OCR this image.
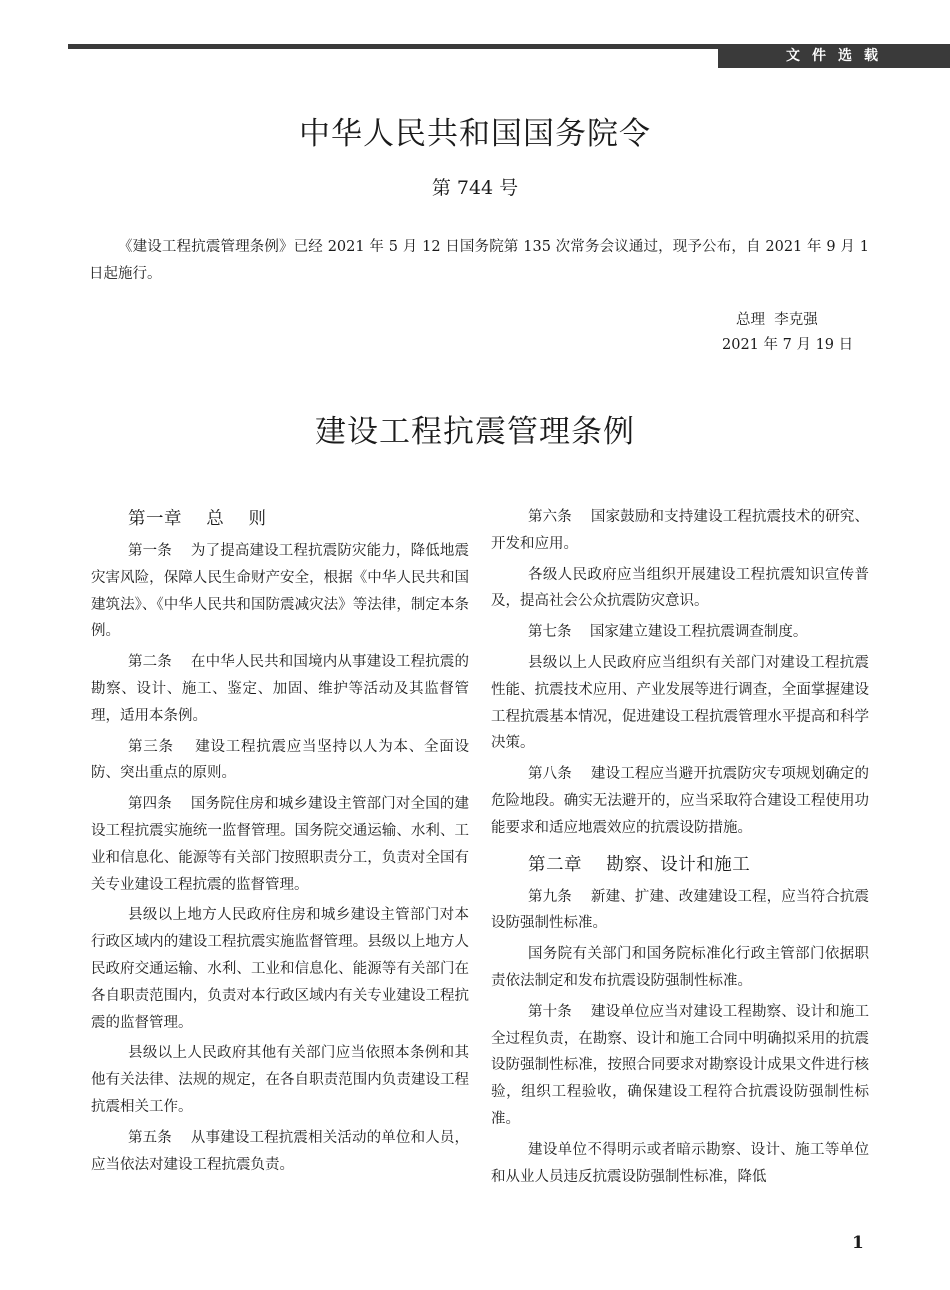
文件选载
中华人民共和国国务院令
第 744 号
《建设工程抗震管理条例》已经 2021 年 5 月 12 日国务院第 135 次常务会议通过，现予公布，自 2021 年 9 月 1 日起施行。
总理  李克强
2021 年 7 月 19 日
建设工程抗震管理条例
第一章    总    则

第一条    为了提高建设工程抗震防灾能力，降低地震灾害风险，保障人民生命财产安全，根据《中华人民共和国建筑法》、《中华人民共和国防震减灾法》等法律，制定本条例。

第二条    在中华人民共和国境内从事建设工程抗震的勘察、设计、施工、鉴定、加固、维护等活动及其监督管理，适用本条例。

第三条    建设工程抗震应当坚持以人为本、全面设防、突出重点的原则。

第四条    国务院住房和城乡建设主管部门对全国的建设工程抗震实施统一监督管理。国务院交通运输、水利、工业和信息化、能源等有关部门按照职责分工，负责对全国有关专业建设工程抗震的监督管理。

县级以上地方人民政府住房和城乡建设主管部门对本行政区域内的建设工程抗震实施监督管理。县级以上地方人民政府交通运输、水利、工业和信息化、能源等有关部门在各自职责范围内，负责对本行政区域内有关专业建设工程抗震的监督管理。

县级以上人民政府其他有关部门应当依照本条例和其他有关法律、法规的规定，在各自职责范围内负责建设工程抗震相关工作。

第五条    从事建设工程抗震相关活动的单位和人员，应当依法对建设工程抗震负责。

第六条    国家鼓励和支持建设工程抗震技术的研究、开发和应用。

各级人民政府应当组织开展建设工程抗震知识宣传普及，提高社会公众抗震防灾意识。

第七条    国家建立建设工程抗震调查制度。

县级以上人民政府应当组织有关部门对建设工程抗震性能、抗震技术应用、产业发展等进行调查，全面掌握建设工程抗震基本情况，促进建设工程抗震管理水平提高和科学决策。

第八条    建设工程应当避开抗震防灾专项规划确定的危险地段。确实无法避开的，应当采取符合建设工程使用功能要求和适应地震效应的抗震设防措施。

第二章    勘察、设计和施工

第九条    新建、扩建、改建建设工程，应当符合抗震设防强制性标准。

国务院有关部门和国务院标准化行政主管部门依据职责依法制定和发布抗震设防强制性标准。

第十条    建设单位应当对建设工程勘察、设计和施工全过程负责，在勘察、设计和施工合同中明确拟采用的抗震设防强制性标准，按照合同要求对勘察设计成果文件进行核验，组织工程验收，确保建设工程符合抗震设防强制性标准。

建设单位不得明示或者暗示勘察、设计、施工等单位和从业人员违反抗震设防强制性标准，降低

1
